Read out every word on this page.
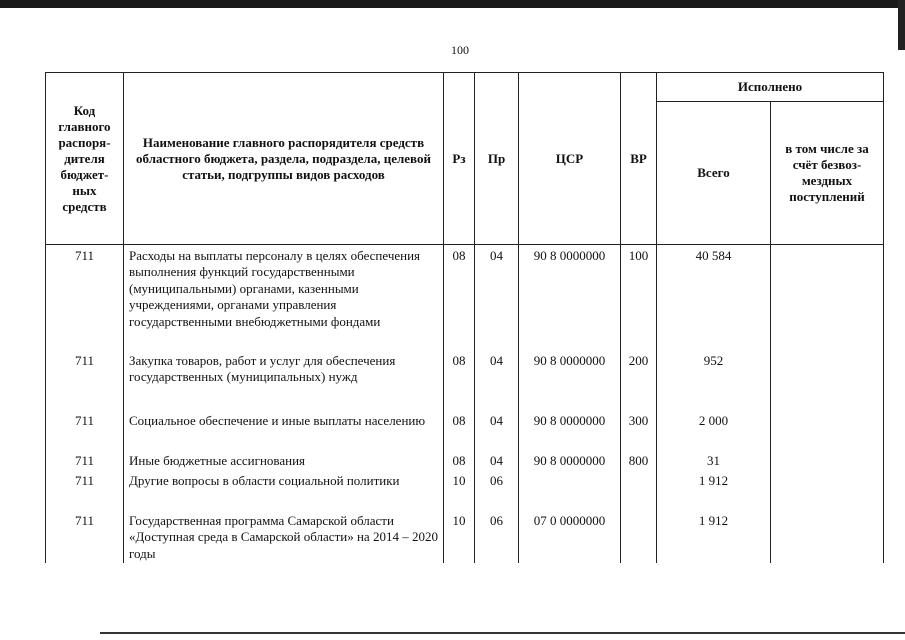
100
Код главного распоря-дителя бюджет-ных средств	Наименование главного распорядителя средств областного бюджета, раздела, подраздела, целевой статьи, подгруппы видов расходов	Рз	Пр	ЦСР	ВР	Исполнено	
						Всего	в том числе за счёт безвоз-мездных поступлений
711	Расходы на выплаты персоналу в целях обеспечения выполнения функций государственными (муниципальными) органами, казенными учреждениями, органами управления государственными внебюджетными фондами	08	04	90 8 0000000	100	40 584	
711	Закупка товаров, работ и услуг для обеспечения государственных (муниципальных) нужд	08	04	90 8 0000000	200	952	
711	Социальное обеспечение и иные выплаты населению	08	04	90 8 0000000	300	2 000	
711	Иные бюджетные ассигнования	08	04	90 8 0000000	800	31	
711	Другие вопросы в области социальной политики	10	06			1 912	
711	Государственная программа Самарской области «Доступная среда в Самарской области» на 2014 – 2020 годы	10	06	07 0 0000000		1 912	
